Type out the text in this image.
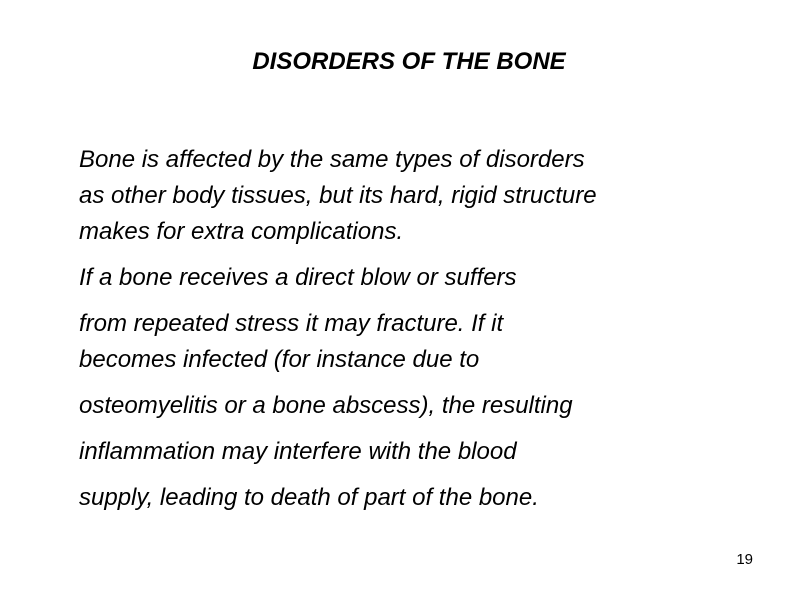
DISORDERS OF THE BONE
Bone is affected by the same types of disorders
as other body tissues, but its hard, rigid structure
makes for extra complications.
If a bone receives a direct blow or suffers
from repeated stress it may fracture. If it
becomes infected (for instance due to
osteomyelitis or a bone abscess), the resulting
inflammation may interfere with the blood
supply, leading to death of part of the bone.
19
